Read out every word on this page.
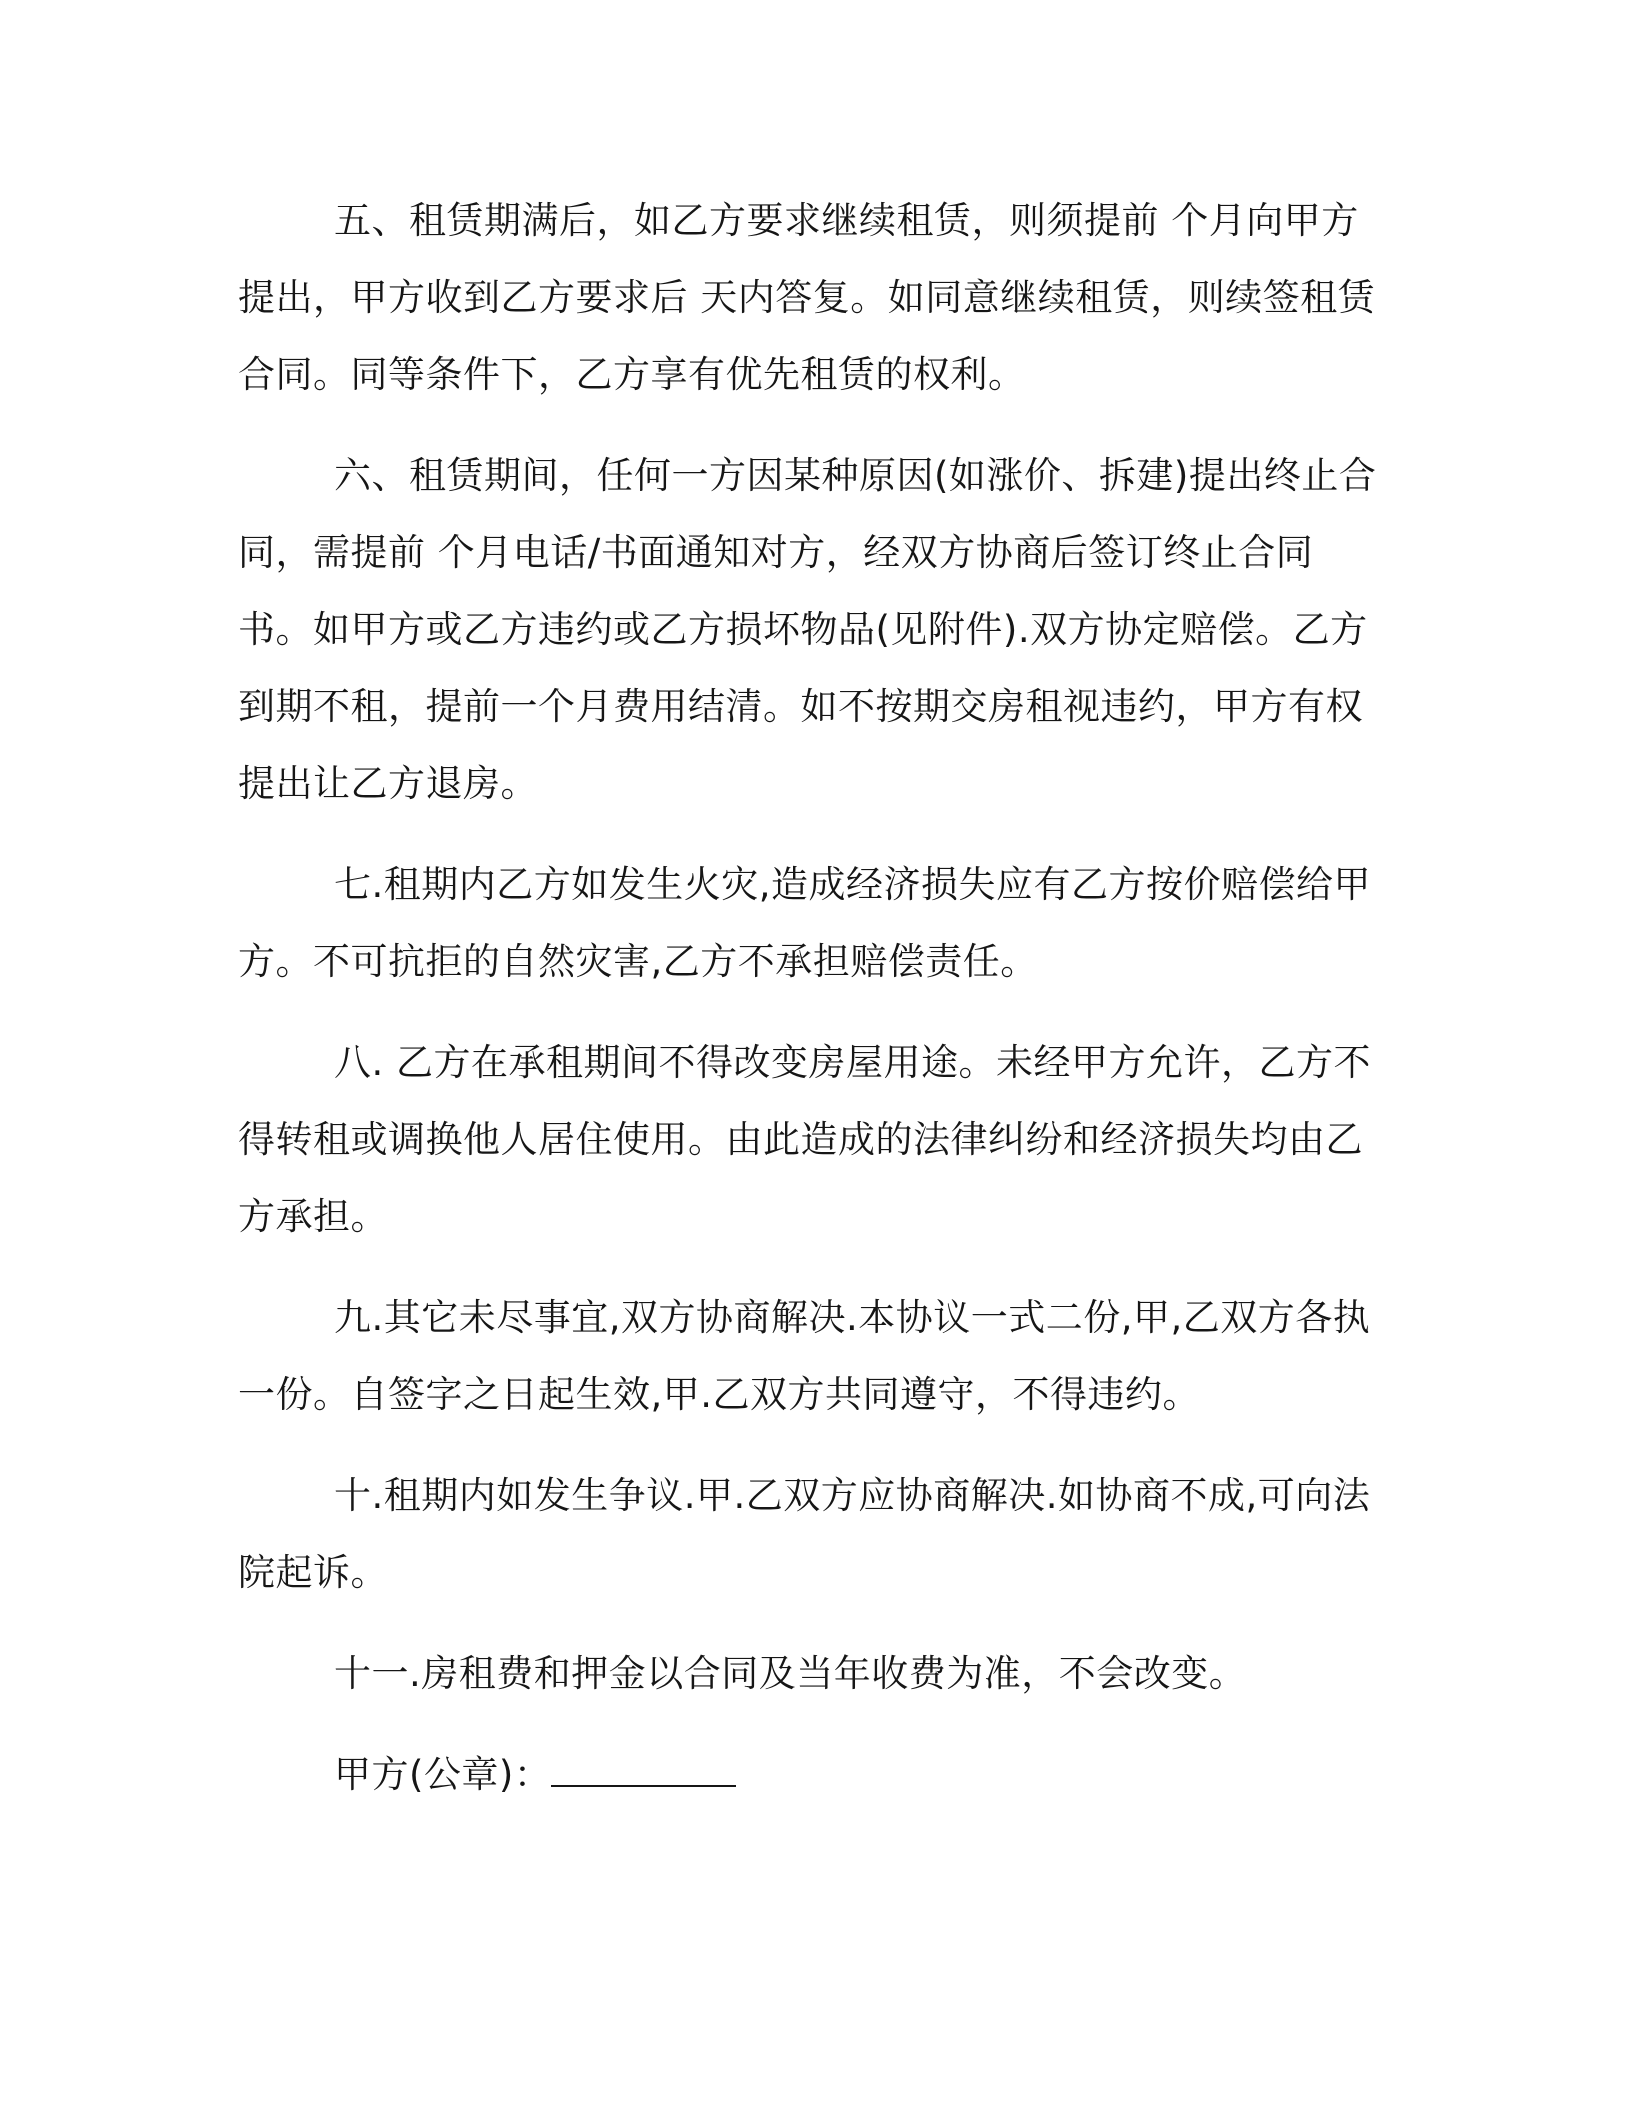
五、租赁期满后，如乙方要求继续租赁，则须提前 个月向甲方提出，甲方收到乙方要求后 天内答复。如同意继续租赁，则续签租赁合同。同等条件下，乙方享有优先租赁的权利。

六、租赁期间，任何一方因某种原因(如涨价、拆建)提出终止合同，需提前 个月电话/书面通知对方，经双方协商后签订终止合同书。如甲方或乙方违约或乙方损坏物品(见附件).双方协定赔偿。乙方到期不租，提前一个月费用结清。如不按期交房租视违约，甲方有权提出让乙方退房。

七.租期内乙方如发生火灾,造成经济损失应有乙方按价赔偿给甲方。不可抗拒的自然灾害,乙方不承担赔偿责任。

八. 乙方在承租期间不得改变房屋用途。未经甲方允许，乙方不得转租或调换他人居住使用。由此造成的法律纠纷和经济损失均由乙方承担。

九.其它未尽事宜,双方协商解决.本协议一式二份,甲,乙双方各执一份。自签字之日起生效,甲.乙双方共同遵守，不得违约。

十.租期内如发生争议.甲.乙双方应协商解决.如协商不成,可向法院起诉。

十一.房租费和押金以合同及当年收费为准，不会改变。

甲方(公章)：
